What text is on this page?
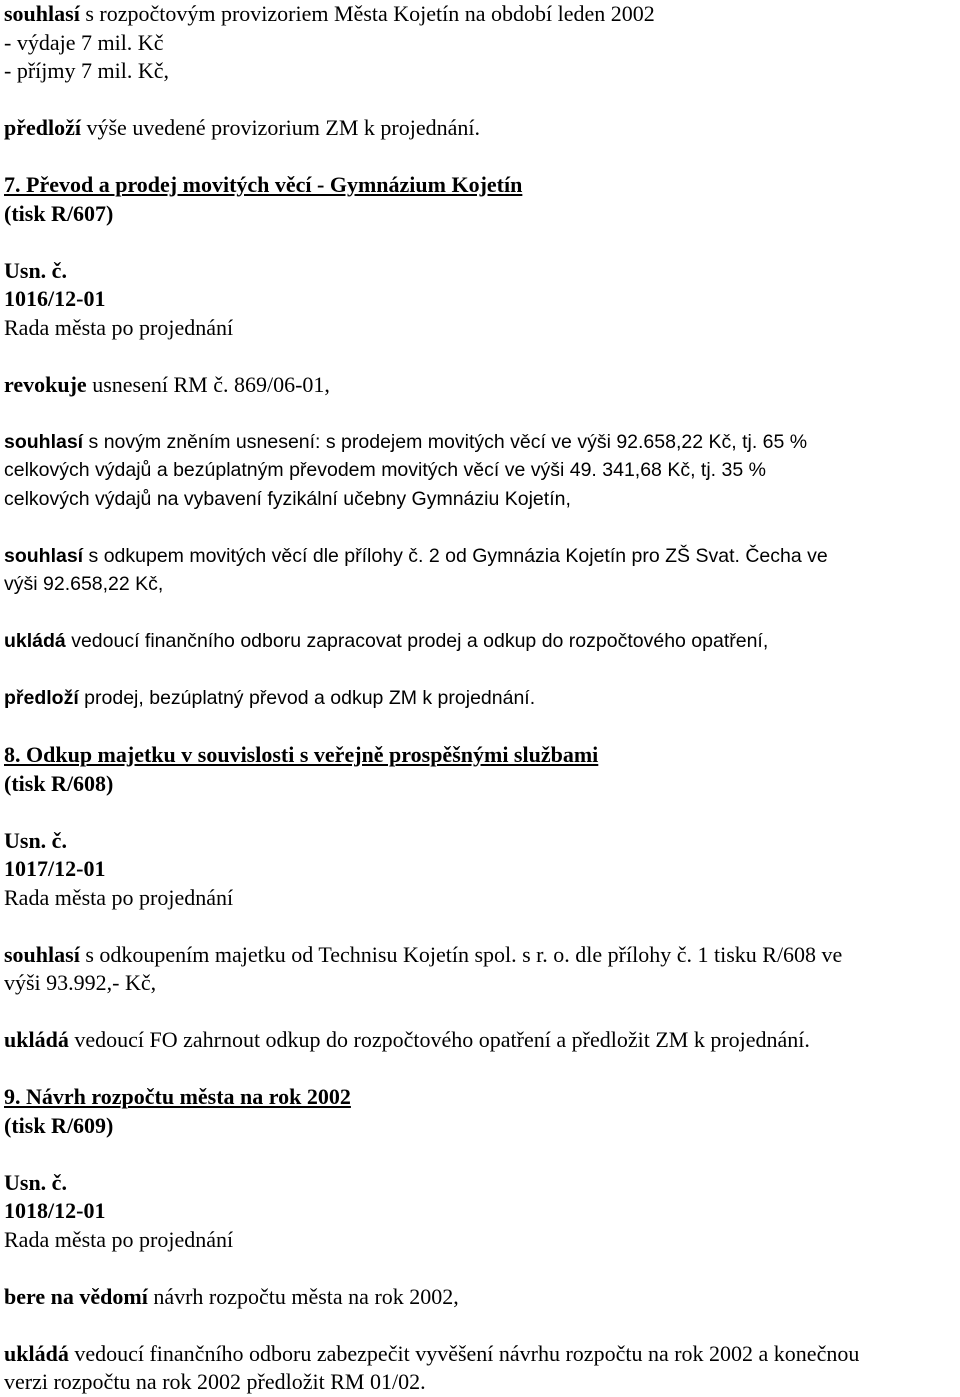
souhlasí s rozpočtovým provizoriem Města Kojetín na období leden 2002

- výdaje 7 mil. Kč

- příjmy 7 mil. Kč,

předloží výše uvedené provizorium ZM k projednání.

7. Převod a prodej movitých věcí - Gymnázium Kojetín

(tisk R/607)

Usn. č.

1016/12-01

Rada města po projednání

revokuje usnesení RM č. 869/06-01,

souhlasí s novým zněním usnesení: s prodejem movitých věcí ve výši 92.658,22 Kč, tj. 65 %

celkových výdajů a bezúplatným převodem movitých věcí ve výši 49. 341,68 Kč, tj. 35 %

celkových výdajů na vybavení fyzikální učebny Gymnáziu Kojetín,

souhlasí s odkupem movitých věcí dle přílohy č. 2 od Gymnázia Kojetín pro ZŠ Svat. Čecha ve

výši 92.658,22 Kč,

ukládá vedoucí finančního odboru zapracovat prodej a odkup do rozpočtového opatření,

předloží prodej, bezúplatný převod a odkup ZM k projednání.

8. Odkup majetku v souvislosti s veřejně prospěšnými službami

(tisk R/608)

Usn. č.

1017/12-01

Rada města po projednání

souhlasí s odkoupením majetku od Technisu Kojetín spol. s r. o. dle přílohy č. 1 tisku R/608 ve

výši 93.992,- Kč,

ukládá vedoucí FO zahrnout odkup do rozpočtového opatření a předložit ZM k projednání.

9. Návrh rozpočtu města na rok 2002

(tisk R/609)

Usn. č.

1018/12-01

Rada města po projednání

bere na vědomí návrh rozpočtu města na rok 2002,

ukládá vedoucí finančního odboru zabezpečit vyvěšení návrhu rozpočtu na rok 2002 a konečnou

verzi rozpočtu na rok 2002 předložit RM 01/02.
